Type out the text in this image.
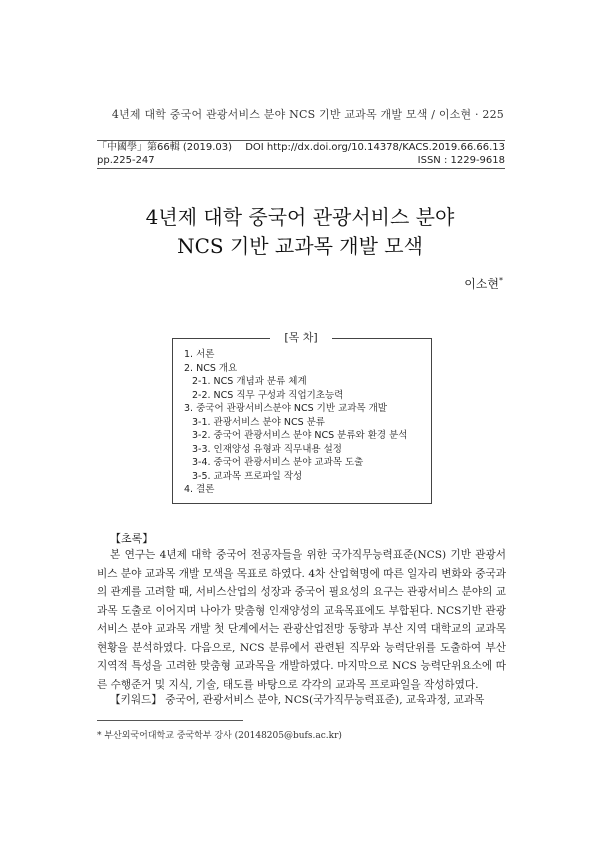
4년제 대학 중국어 관광서비스 분야 NCS 기반 교과목 개발 모색 / 이소현 · 225
「中國學」第66輯 (2019.03) DOI http://dx.doi.org/10.14378/KACS.2019.66.66.13
pp.225-247	ISSN : 1229-9618
4년제 대학 중국어 관광서비스 분야
NCS 기반 교과목 개발 모색
이소현*
[목 차]
1. 서론
2. NCS 개요
2-1. NCS 개념과 분류 체계
2-2. NCS 직무 구성과 직업기초능력
3. 중국어 관광서비스분야 NCS 기반 교과목 개발
3-1. 관광서비스 분야 NCS 분류
3-2. 중국어 관광서비스 분야 NCS 분류와 환경 분석
3-3. 인재양성 유형과 직무내용 설정
3-4. 중국어 관광서비스 분야 교과목 도출
3-5. 교과목 프로파일 작성
4. 결론
【초록】

본 연구는 4년제 대학 중국어 전공자들을 위한 국가직무능력표준(NCS) 기반 관광서비스 분야 교과목 개발 모색을 목표로 하였다. 4차 산업혁명에 따른 일자리 변화와 중국과의 관계를 고려할 때, 서비스산업의 성장과 중국어 필요성의 요구는 관광서비스 분야의 교과목 도출로 이어지며 나아가 맞춤형 인재양성의 교육목표에도 부합된다. NCS기반 관광서비스 분야 교과목 개발 첫 단계에서는 관광산업전망 동향과 부산 지역 대학교의 교과목 현황을 분석하였다. 다음으로, NCS 분류에서 관련된 직무와 능력단위를 도출하여 부산 지역적 특성을 고려한 맞춤형 교과목을 개발하였다. 마지막으로 NCS 능력단위요소에 따른 수행준거 및 지식, 기술, 태도를 바탕으로 각각의 교과목 프로파일을 작성하였다.

【키워드】 중국어, 관광서비스 분야, NCS(국가직무능력표준), 교육과정, 교과목
* 부산외국어대학교 중국학부 강사 (20148205@bufs.ac.kr)
